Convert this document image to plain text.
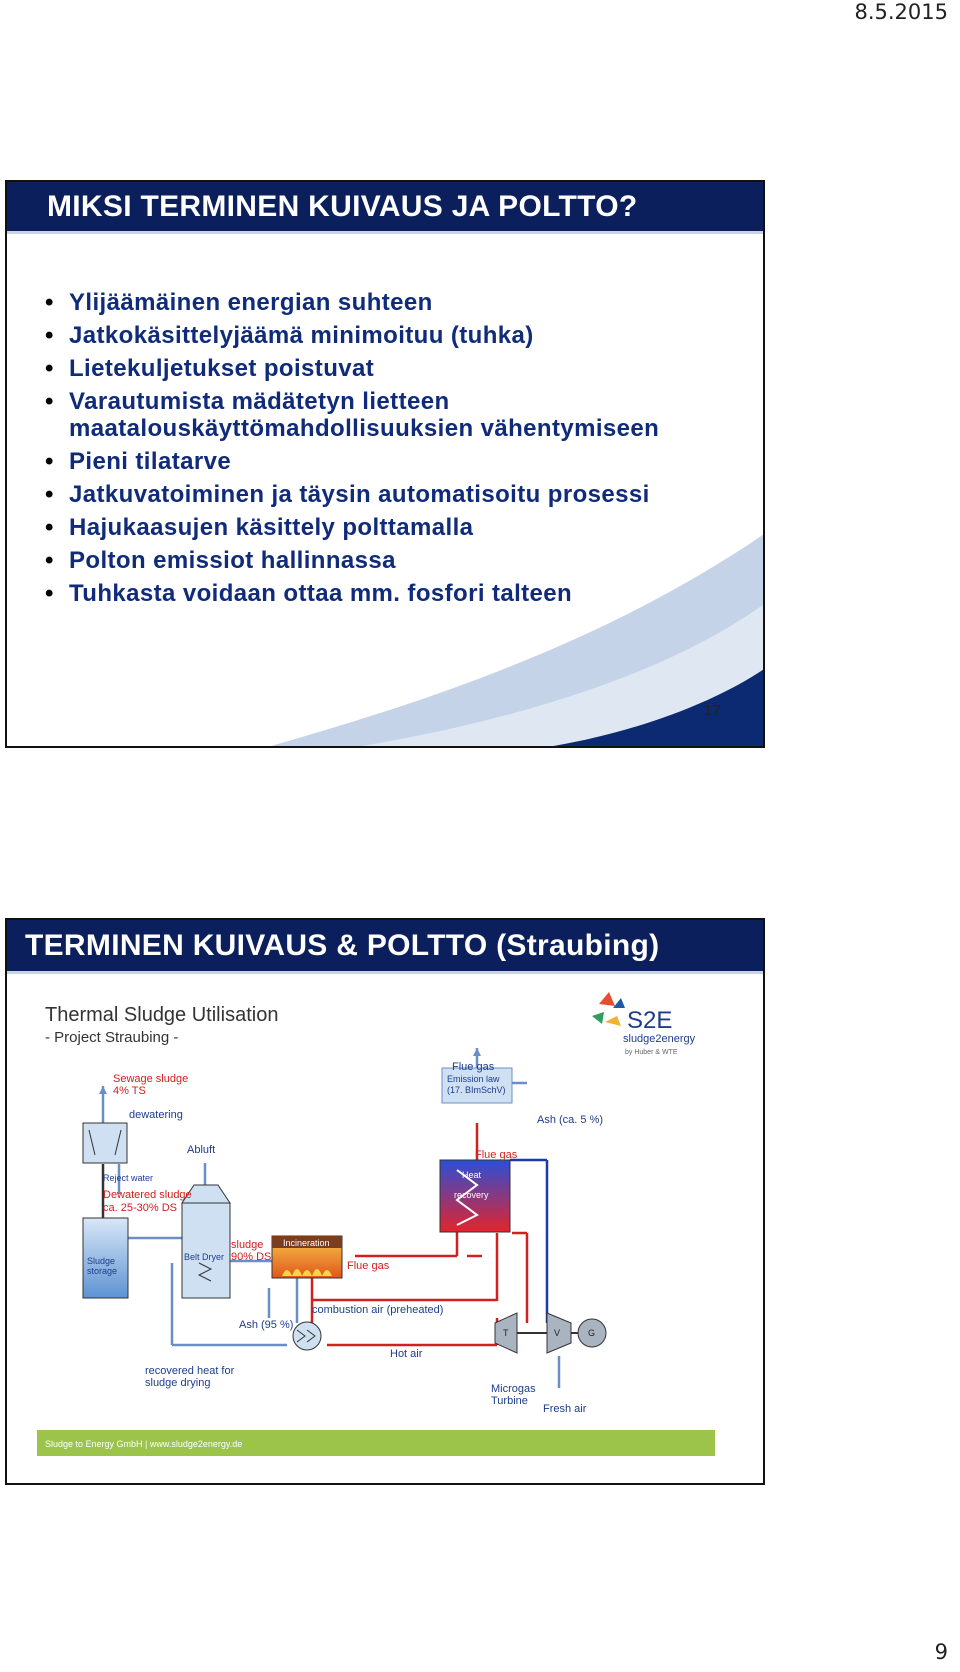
8.5.2015
MIKSI TERMINEN KUIVAUS JA POLTTO?
• Ylijäämäinen energian suhteen
• Jatkokäsittelyjäämä minimoituu (tuhka)
• Lietekuljetukset poistuvat
• Varautumista mädätetyn lietteen maatalouskäyttömahdollisuuksien vähentymiseen
• Pieni tilatarve
• Jatkuvatoiminen ja täysin automatisoitu prosessi
• Hajukaasujen käsittely polttamalla
• Polton emissiot hallinnassa
• Tuhkasta voidaan ottaa mm. fosfori talteen
17
TERMINEN KUIVAUS & POLTTO (Straubing)
Thermal Sludge Utilisation
- Project Straubing -
S2E
sludge2energy
by Huber & WTE
Sewage sludge
4% TS
Dewatered sludge
ca. 25-30% DS
sludge
90% DS
Flue gas
Flue gas
dewatering
Reject water
Abluft
Flue gas
Ash (ca. 5 %)
combustion air (preheated)
Ash (95 %)
Hot air
recovered heat for
sludge drying	Microgas
Turbine
Fresh air
Sludge
storage
Belt Dryer
Emission law
(17. BImSchV)
Incineration
Heat
recovery
T	V	G
Sludge to Energy GmbH | www.sludge2energy.de
9
